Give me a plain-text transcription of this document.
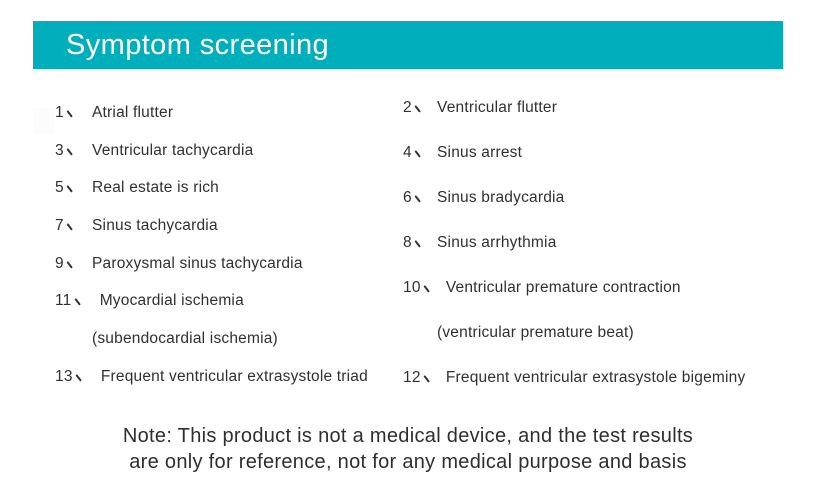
Symptom screening
1 Atrial flutter
3 Ventricular tachycardia
5 Real estate is rich
7 Sinus tachycardia
9 Paroxysmal sinus tachycardia
11 Myocardial ischemia
(subendocardial ischemia)
13 Frequent ventricular extrasystole triad
2 Ventricular flutter
4 Sinus arrest
6 Sinus bradycardia
8 Sinus arrhythmia
10 Ventricular premature contraction
(ventricular premature beat)
12 Frequent ventricular extrasystole bigeminy
Note: This product is not a medical device, and the test results
are only for reference, not for any medical purpose and basis
